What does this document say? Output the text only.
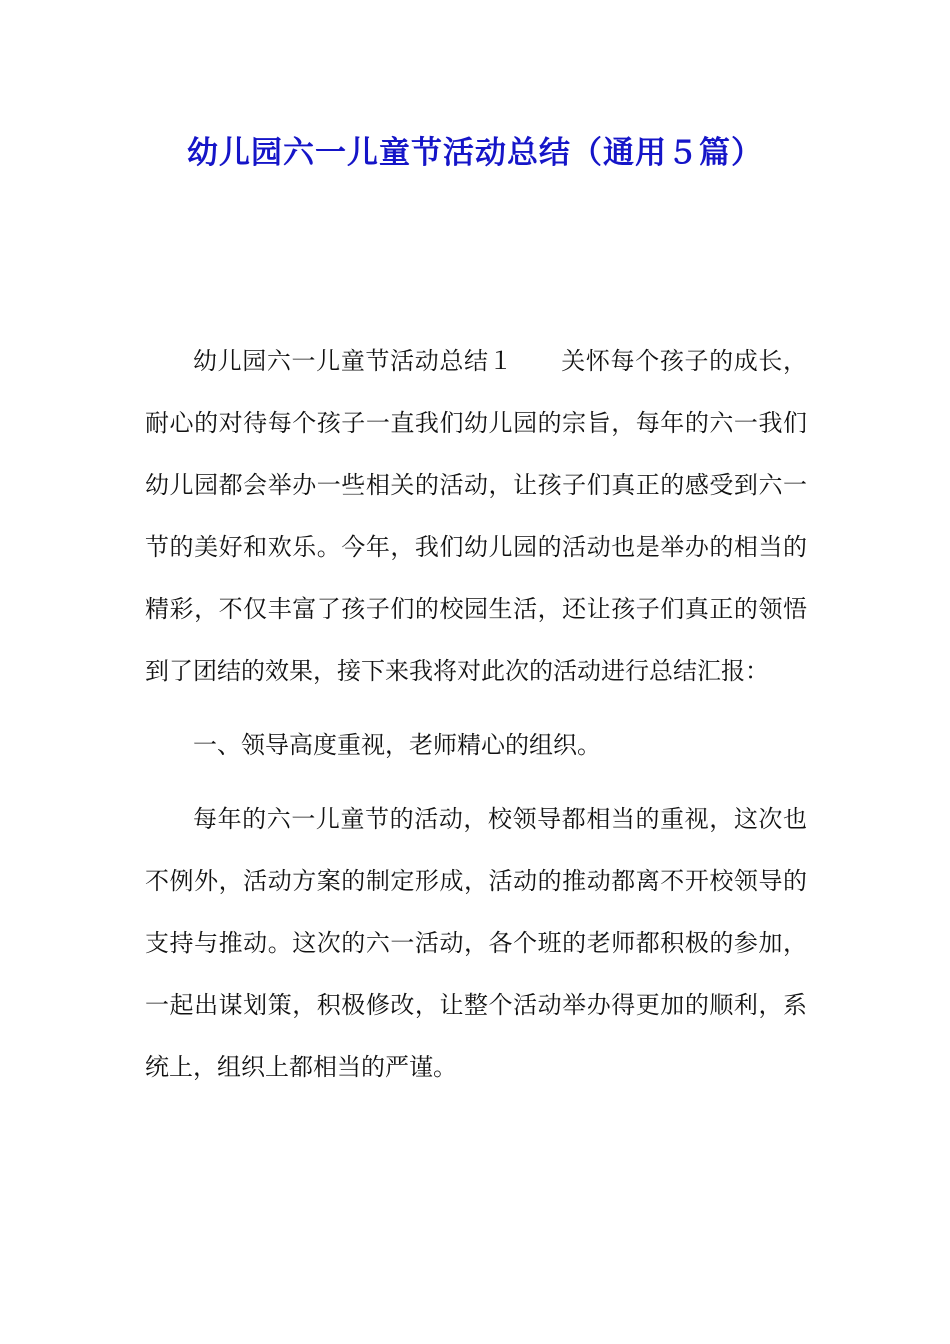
幼儿园六一儿童节活动总结（通用５篇）

幼儿园六一儿童节活动总结１ 关怀每个孩子的成长，耐心的对待每个孩子一直我们幼儿园的宗旨，每年的六一我们幼儿园都会举办一些相关的活动，让孩子们真正的感受到六一节的美好和欢乐。今年，我们幼儿园的活动也是举办的相当的精彩，不仅丰富了孩子们的校园生活，还让孩子们真正的领悟到了团结的效果，接下来我将对此次的活动进行总结汇报：

一、领导高度重视，老师精心的组织。

每年的六一儿童节的活动，校领导都相当的重视，这次也不例外，活动方案的制定形成，活动的推动都离不开校领导的支持与推动。这次的六一活动，各个班的老师都积极的参加，一起出谋划策，积极修改，让整个活动举办得更加的顺利，系统上，组织上都相当的严谨。
